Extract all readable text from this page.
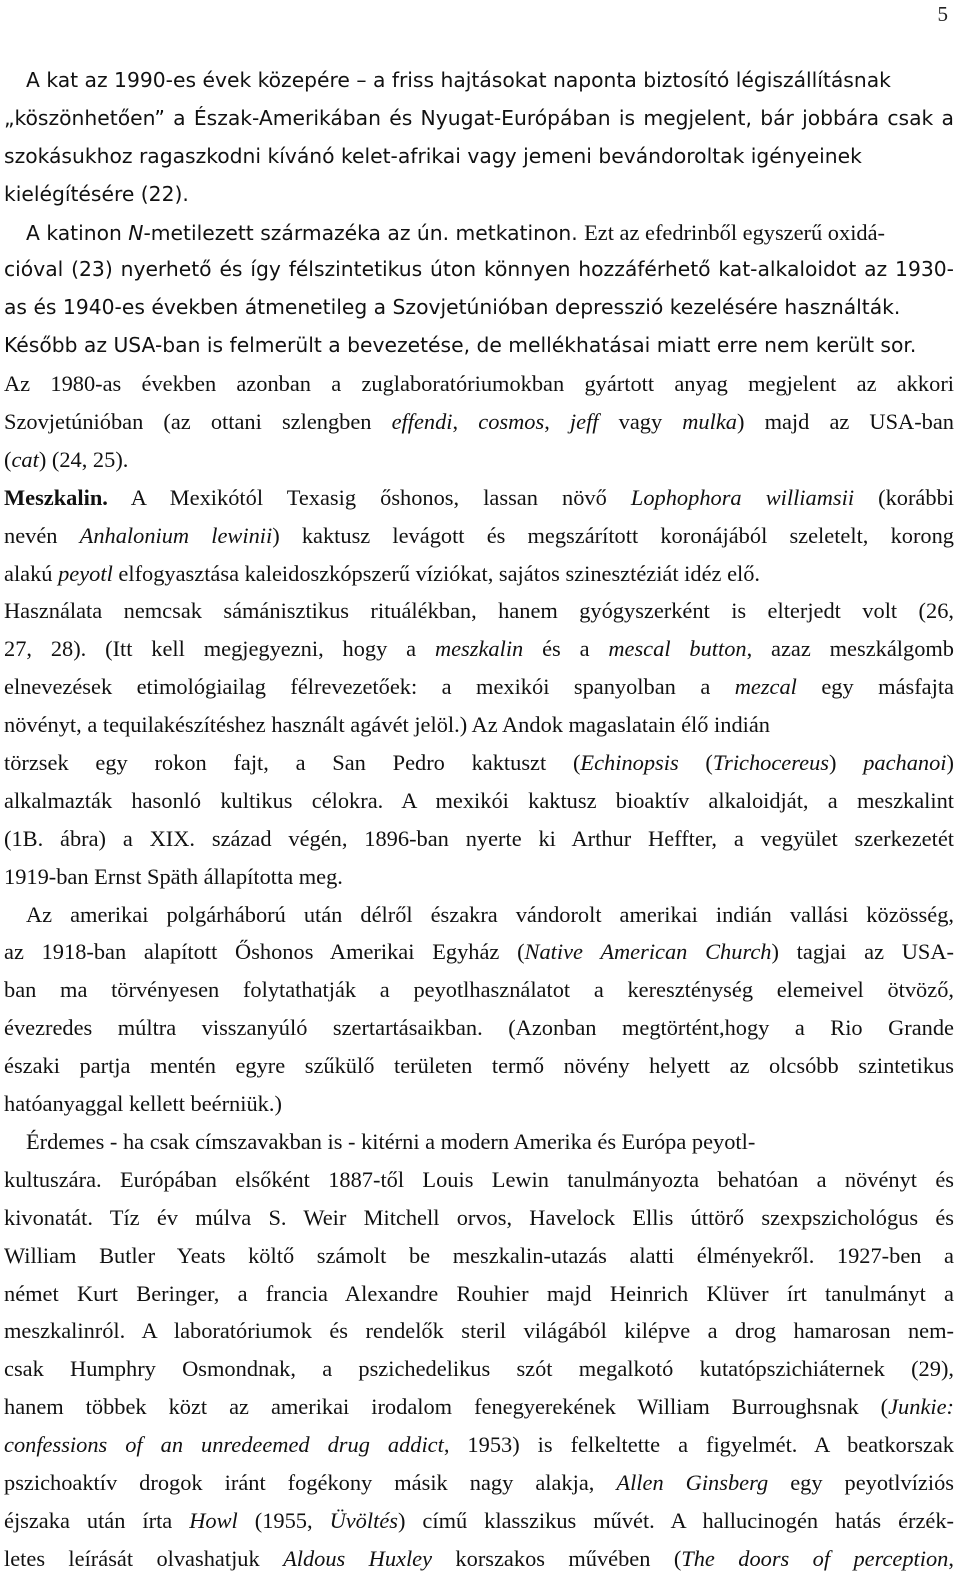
5
A kat az 1990-es évek közepére – a friss hajtásokat naponta biztosító légiszállításnak
„köszönhetően” a Észak-Amerikában és Nyugat-Európában is megjelent, bár jobbára csak a
szokásukhoz ragaszkodni kívánó kelet-afrikai vagy jemeni bevándoroltak igényeinek
kielégítésére (22).
A katinon N-metilezett származéka az ún. metkatinon. Ezt az efedrinből egyszerű oxidá-
cióval (23) nyerhető és így félszintetikus úton könnyen hozzáférhető kat-alkaloidot az 1930-
as és 1940-es években átmenetileg a Szovjetúnióban depresszió kezelésére használták.
Később az USA-ban is felmerült a bevezetése, de mellékhatásai miatt erre nem került sor.
Az 1980-as években azonban a zuglaboratóriumokban gyártott anyag megjelent az akkori
Szovjetúnióban (az ottani szlengben effendi, cosmos, jeff vagy mulka) majd az USA-ban
(cat) (24, 25).
Meszkalin. A Mexikótól Texasig őshonos, lassan növő Lophophora williamsii (korábbi
nevén Anhalonium lewinii) kaktusz levágott és megszárított koronájából szeletelt, korong
alakú peyotl elfogyasztása kaleidoszkópszerű víziókat, sajátos szinesztéziát idéz elő.
Használata nemcsak sámánisztikus rituálékban, hanem gyógyszerként is elterjedt volt (26,
27, 28). (Itt kell megjegyezni, hogy a meszkalin és a mescal button, azaz meszkálgomb
elnevezések etimológiailag félrevezetőek: a mexikói spanyolban a mezcal egy másfajta
növényt, a tequilakészítéshez használt agávét jelöl.) Az Andok magaslatain élő indián
törzsek egy rokon fajt, a San Pedro kaktuszt (Echinopsis (Trichocereus) pachanoi)
alkalmazták hasonló kultikus célokra. A mexikói kaktusz bioaktív alkaloidját, a meszkalint
(1B. ábra) a XIX. század végén, 1896-ban nyerte ki Arthur Heffter, a vegyület szerkezetét
1919-ban Ernst Späth állapította meg.
Az amerikai polgárháború után délről északra vándorolt amerikai indián vallási közösség,
az 1918-ban alapított Őshonos Amerikai Egyház (Native American Church) tagjai az USA-
ban ma törvényesen folytathatják a peyotlhasználatot a kereszténység elemeivel ötvöző,
évezredes múltra visszanyúló szertartásaikban. (Azonban megtörtént,hogy a Rio Grande
északi partja mentén egyre szűkülő területen termő növény helyett az olcsóbb szintetikus
hatóanyaggal kellett beérniük.)
Érdemes - ha csak címszavakban is - kitérni a modern Amerika és Európa peyotl-
kultuszára. Európában elsőként 1887-től Louis Lewin tanulmányozta behatóan a növényt és
kivonatát. Tíz év múlva S. Weir Mitchell orvos, Havelock Ellis úttörő szexpszichológus és
William Butler Yeats költő számolt be meszkalin-utazás alatti élményekről. 1927-ben a
német Kurt Beringer, a francia Alexandre Rouhier majd Heinrich Klüver írt tanulmányt a
meszkalinról. A laboratóriumok és rendelők steril világából kilépve a drog hamarosan nem-
csak Humphry Osmondnak, a pszichedelikus szót megalkotó kutatópszichiáternek (29),
hanem többek közt az amerikai irodalom fenegyerekének William Burroughsnak (Junkie:
confessions of an unredeemed drug addict, 1953) is felkeltette a figyelmét. A beatkorszak
pszichoaktív drogok iránt fogékony másik nagy alakja, Allen Ginsberg egy peyotlvíziós
éjszaka után írta Howl (1955, Üvöltés) című klasszikus művét. A hallucinogén hatás érzék-
letes leírását olvashatjuk Aldous Huxley korszakos művében (The doors of perception,
